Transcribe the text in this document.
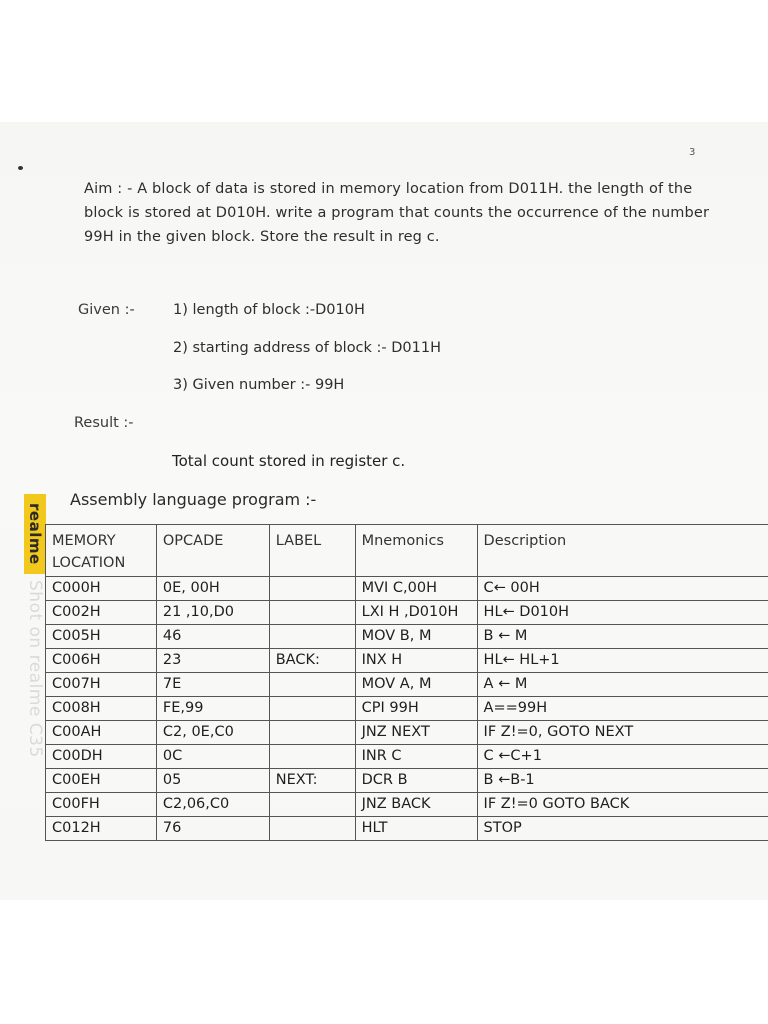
3
Aim : - A block of data is stored in memory location from D011H. the length of the block is stored at D010H. write a program that counts the occurrence of the number 99H in the given block. Store the result in reg c.
Given :-	1) length of block :-D010H
2) starting address of block :- D011H
3) Given number :- 99H
Result :-
Total count stored in register c.
Assembly language program :-
realme
Shot on realme C35
MEMORY LOCATION	OPCADE	LABEL	Mnemonics	Description
C000H	0E, 00H		MVI C,00H	C← 00H
C002H	21 ,10,D0		LXI H ,D010H	HL← D010H
C005H	46		MOV B, M	B ← M
C006H	23	BACK:	INX H	HL← HL+1
C007H	7E		MOV A, M	A ← M
C008H	FE,99		CPI 99H	A==99H
C00AH	C2, 0E,C0		JNZ NEXT	IF Z!=0, GOTO NEXT
C00DH	0C		INR C	C ←C+1
C00EH	05	NEXT:	DCR B	B ←B-1
C00FH	C2,06,C0		JNZ BACK	IF Z!=0 GOTO BACK
C012H	76		HLT	STOP
